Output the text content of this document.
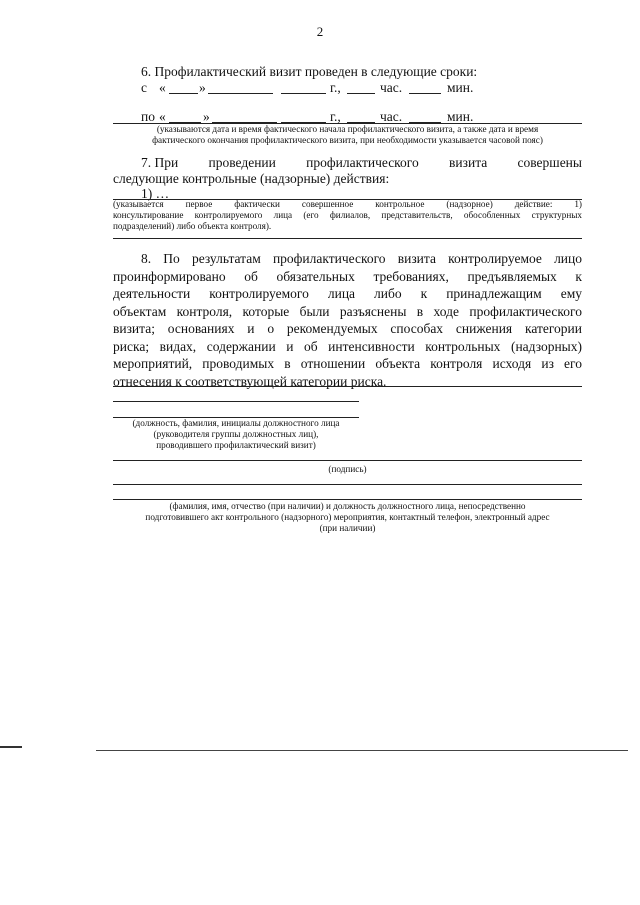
2
6. Профилактический визит проведен в следующие сроки:
с « »	г.,	час.	мин.
по «	»	г.,	час.	мин.
(указываются дата и время фактического начала профилактического визита, а также дата и время
фактического окончания профилактического визита, при необходимости указывается часовой пояс)
7. При проведении профилактического визита совершены
следующие контрольные (надзорные) действия:
1) …
(указывается первое фактически совершенное контрольное (надзорное) действие: 1)
консультирование контролируемого лица (его филиалов, представительств, обособленных структурных
подразделений) либо объекта контроля).
8. По результатам профилактического визита контролируемое лицо
проинформировано об обязательных требованиях, предъявляемых к
деятельности контролируемого лица либо к принадлежащим ему
объектам контроля, которые были разъяснены в ходе профилактического
визита; основаниях и о рекомендуемых способах снижения категории
риска; видах, содержании и об интенсивности контрольных (надзорных)
мероприятий, проводимых в отношении объекта контроля исходя из его
отнесения к соответствующей категории риска.
(должность, фамилия, инициалы должностного лица
(руководителя группы должностных лиц),
проводившего профилактический визит)
(подпись)
(фамилия, имя, отчество (при наличии) и должность должностного лица, непосредственно
подготовившего акт контрольного (надзорного) мероприятия, контактный телефон, электронный адрес
(при наличии)
